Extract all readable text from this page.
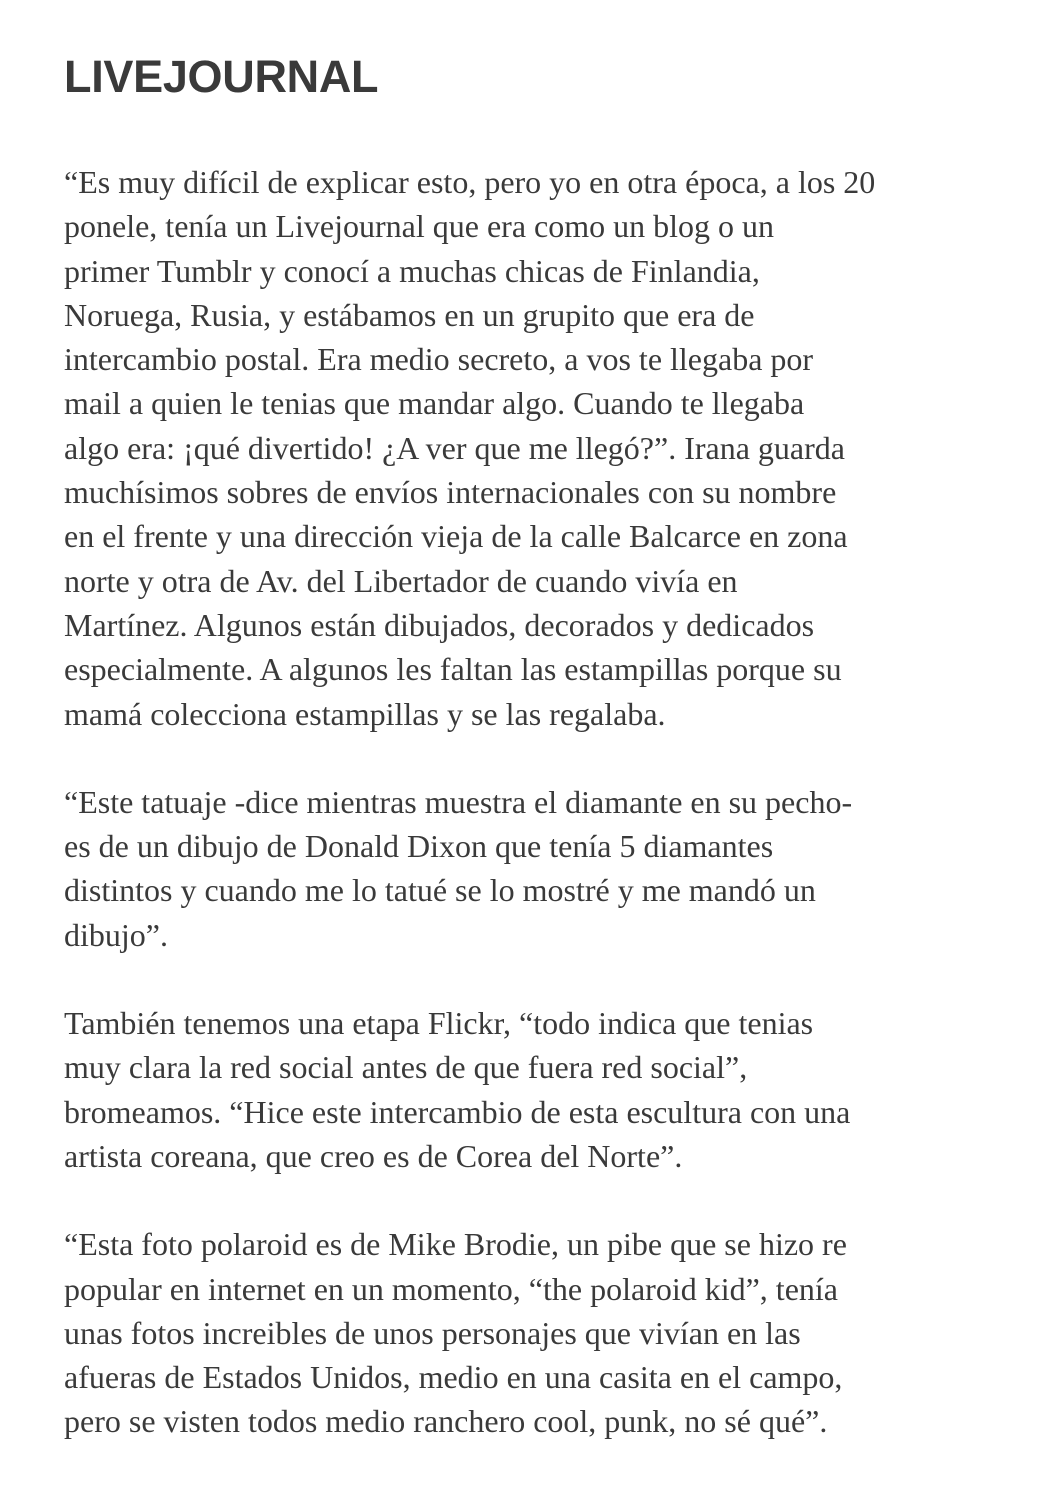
LIVEJOURNAL

“Es muy difícil de explicar esto, pero yo en otra época, a los 20
ponele, tenía un Livejournal que era como un blog o un
primer Tumblr y conocí a muchas chicas de Finlandia,
Noruega, Rusia, y estábamos en un grupito que era de
intercambio postal. Era medio secreto, a vos te llegaba por
mail a quien le tenias que mandar algo. Cuando te llegaba
algo era: ¡qué divertido! ¿A ver que me llegó?”. Irana guarda
muchísimos sobres de envíos internacionales con su nombre
en el frente y una dirección vieja de la calle Balcarce en zona
norte y otra de Av. del Libertador de cuando vivía en
Martínez. Algunos están dibujados, decorados y dedicados
especialmente. A algunos les faltan las estampillas porque su
mamá colecciona estampillas y se las regalaba.

“Este tatuaje -dice mientras muestra el diamante en su pecho-
es de un dibujo de Donald Dixon que tenía 5 diamantes
distintos y cuando me lo tatué se lo mostré y me mandó un
dibujo”.

También tenemos una etapa Flickr, “todo indica que tenias
muy clara la red social antes de que fuera red social”,
bromeamos. “Hice este intercambio de esta escultura con una
artista coreana, que creo es de Corea del Norte”.

“Esta foto polaroid es de Mike Brodie, un pibe que se hizo re
popular en internet en un momento, “the polaroid kid”, tenía
unas fotos increibles de unos personajes que vivían en las
afueras de Estados Unidos, medio en una casita en el campo,
pero se visten todos medio ranchero cool, punk, no sé qué”.
